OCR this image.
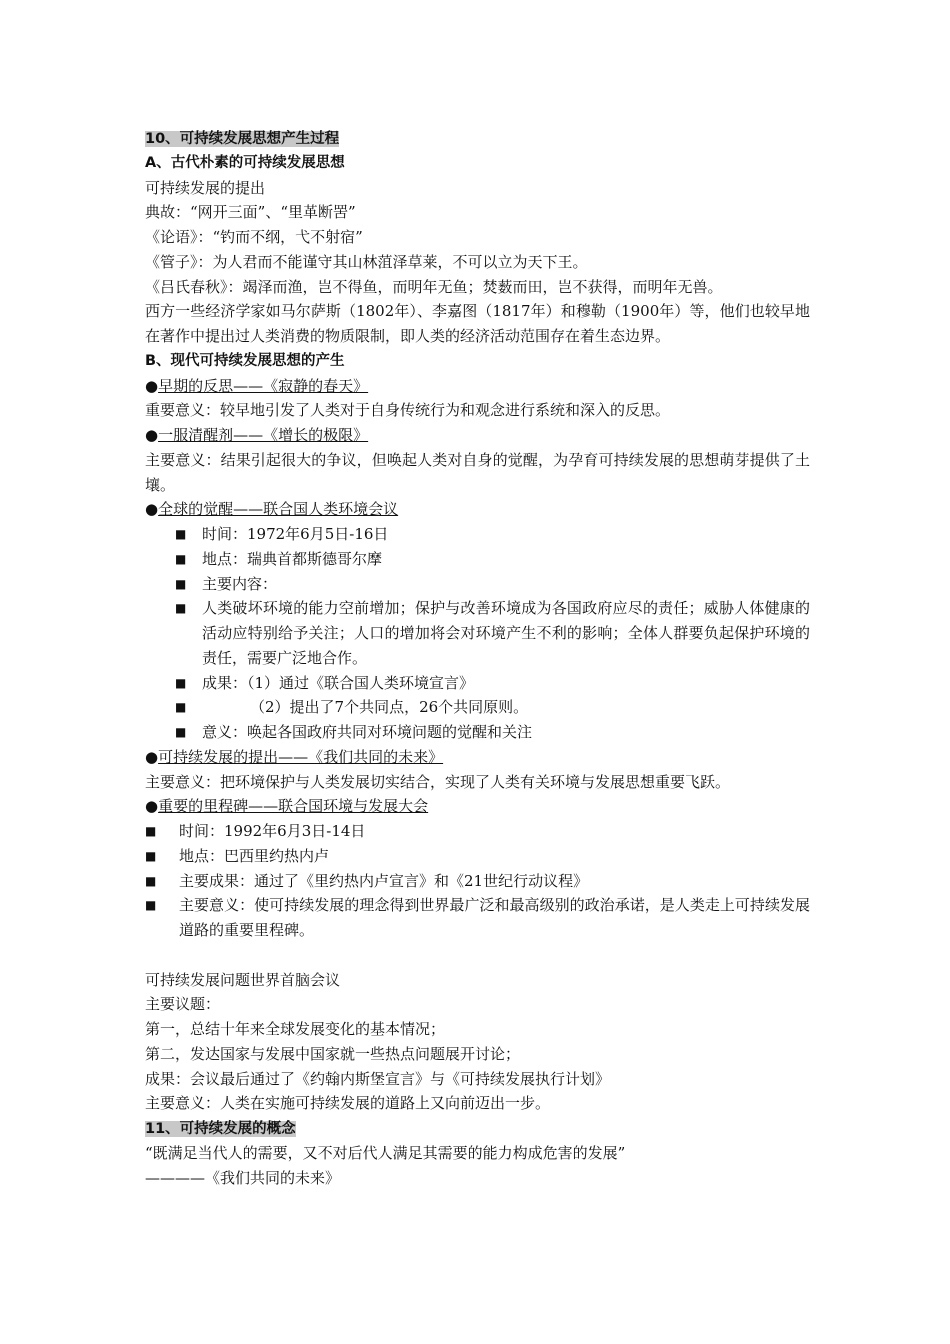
10、可持续发展思想产生过程
A、古代朴素的可持续发展思想
可持续发展的提出
典故：“网开三面”、“里革断罟”
《论语》：“钓而不纲，弋不射宿”
《管子》：为人君而不能谨守其山林菹泽草莱，不可以立为天下王。
《吕氏春秋》：竭泽而渔，岂不得鱼，而明年无鱼；焚薮而田，岂不获得，而明年无兽。
西方一些经济学家如马尔萨斯（1802年）、李嘉图（1817年）和穆勒（1900年）等，他们也较早地在著作中提出过人类消费的物质限制，即人类的经济活动范围存在着生态边界。
B、现代可持续发展思想的产生
● 早期的反思——《寂静的春天》
重要意义：较早地引发了人类对于自身传统行为和观念进行系统和深入的反思。
● 一服清醒剂——《增长的极限》
主要意义：结果引起很大的争议，但唤起人类对自身的觉醒，为孕育可持续发展的思想萌芽提供了土壤。
● 全球的觉醒——联合国人类环境会议
■	时间：1972年6月5日-16日
■	地点：瑞典首都斯德哥尔摩
■	主要内容：
■	人类破坏环境的能力空前增加；保护与改善环境成为各国政府应尽的责任；威胁人体健康的活动应特别给予关注；人口的增加将会对环境产生不利的影响；全体人群要负起保护环境的责任，需要广泛地合作。
■	成果：（1）通过《联合国人类环境宣言》
■	（2）提出了7个共同点，26个共同原则。
■	意义：唤起各国政府共同对环境问题的觉醒和关注
● 可持续发展的提出——《我们共同的未来》
主要意义：把环境保护与人类发展切实结合，实现了人类有关环境与发展思想重要飞跃。
● 重要的里程碑——联合国环境与发展大会
■	时间：1992年6月3日-14日
■	地点：巴西里约热内卢
■	主要成果：通过了《里约热内卢宣言》和《21世纪行动议程》
■	主要意义：使可持续发展的理念得到世界最广泛和最高级别的政治承诺，是人类走上可持续发展道路的重要里程碑。
可持续发展问题世界首脑会议
主要议题：
第一，总结十年来全球发展变化的基本情况；
第二，发达国家与发展中国家就一些热点问题展开讨论；
成果：会议最后通过了《约翰内斯堡宣言》与《可持续发展执行计划》
主要意义：人类在实施可持续发展的道路上又向前迈出一步。
11、可持续发展的概念
“既满足当代人的需要，又不对后代人满足其需要的能力构成危害的发展”
————《我们共同的未来》
